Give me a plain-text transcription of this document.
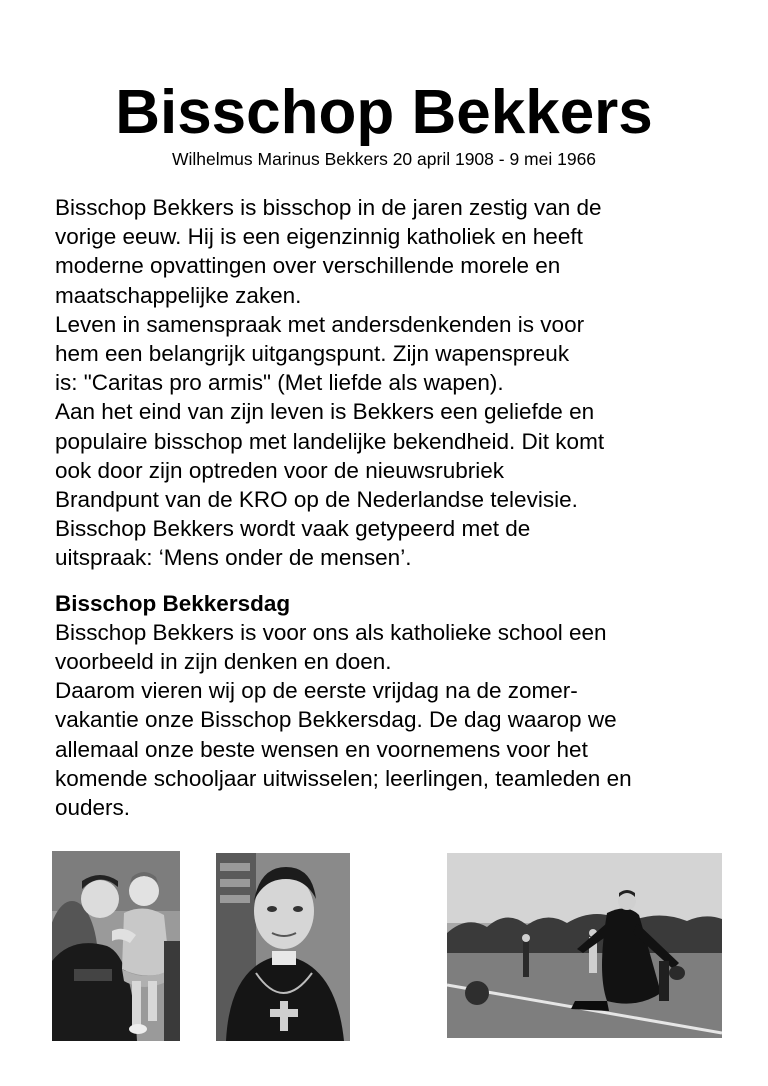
Bisschop Bekkers
Wilhelmus Marinus Bekkers 20 april 1908 - 9 mei 1966

Bisschop Bekkers is bisschop in de jaren zestig van de

vorige eeuw. Hij is een eigenzinnig katholiek en heeft

moderne opvattingen over verschillende morele en

maatschappelijke zaken.

Leven in samenspraak met andersdenkenden is voor

hem een belangrijk uitgangspunt. Zijn wapenspreuk

is: "Caritas pro armis" (Met liefde als wapen).

Aan het eind van zijn leven is Bekkers een geliefde en

populaire bisschop met landelijke bekendheid. Dit komt

ook door zijn optreden voor de nieuwsrubriek

Brandpunt van de KRO op de Nederlandse televisie.

Bisschop Bekkers wordt vaak getypeerd met de

uitspraak: ‘Mens onder de mensen’.

Bisschop Bekkersdag

Bisschop Bekkers is voor ons als katholieke school een

voorbeeld in zijn denken en doen.

Daarom vieren wij op de eerste vrijdag na de zomer-

vakantie onze Bisschop Bekkersdag. De dag waarop we

allemaal onze beste wensen en voornemens voor het

komende schooljaar uitwisselen; leerlingen, teamleden en

ouders.
